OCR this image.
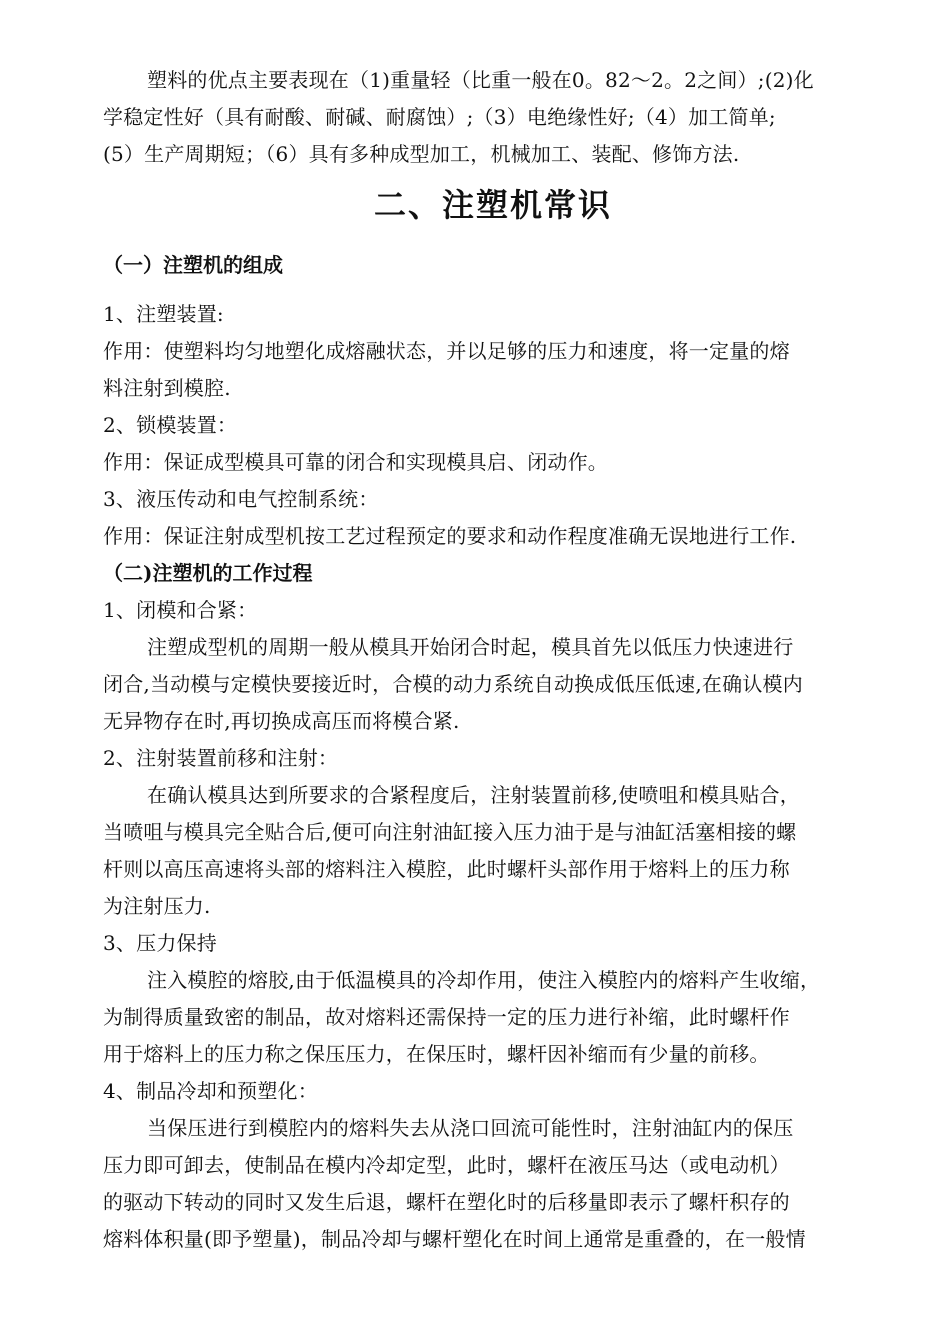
塑料的优点主要表现在（1)重量轻（比重一般在0。82～2。2之间）;(2)化
学稳定性好（具有耐酸、耐碱、耐腐蚀）;（3）电绝缘性好;（4）加工简单;
(5）生产周期短；（6）具有多种成型加工，机械加工、装配、修饰方法.
二、注塑机常识
（一）注塑机的组成
1、注塑装置:
作用：使塑料均匀地塑化成熔融状态，并以足够的压力和速度，将一定量的熔
料注射到模腔.
2、锁模装置：
作用：保证成型模具可靠的闭合和实现模具启、闭动作。
3、液压传动和电气控制系统：
作用：保证注射成型机按工艺过程预定的要求和动作程度准确无误地进行工作.
（二)注塑机的工作过程
1、闭模和合紧：
注塑成型机的周期一般从模具开始闭合时起，模具首先以低压力快速进行
闭合,当动模与定模快要接近时，合模的动力系统自动换成低压低速,在确认模内
无异物存在时,再切换成高压而将模合紧.
2、注射装置前移和注射：
在确认模具达到所要求的合紧程度后，注射装置前移,使喷咀和模具贴合，
当喷咀与模具完全贴合后,便可向注射油缸接入压力油于是与油缸活塞相接的螺
杆则以高压高速将头部的熔料注入模腔，此时螺杆头部作用于熔料上的压力称
为注射压力.
3、压力保持
注入模腔的熔胶,由于低温模具的冷却作用，使注入模腔内的熔料产生收缩，
为制得质量致密的制品，故对熔料还需保持一定的压力进行补缩，此时螺杆作
用于熔料上的压力称之保压压力，在保压时，螺杆因补缩而有少量的前移。
4、制品冷却和预塑化：
当保压进行到模腔内的熔料失去从浇口回流可能性时，注射油缸内的保压
压力即可卸去，使制品在模内冷却定型，此时，螺杆在液压马达（或电动机）
的驱动下转动的同时又发生后退，螺杆在塑化时的后移量即表示了螺杆积存的
熔料体积量(即予塑量)，制品冷却与螺杆塑化在时间上通常是重叠的，在一般情
